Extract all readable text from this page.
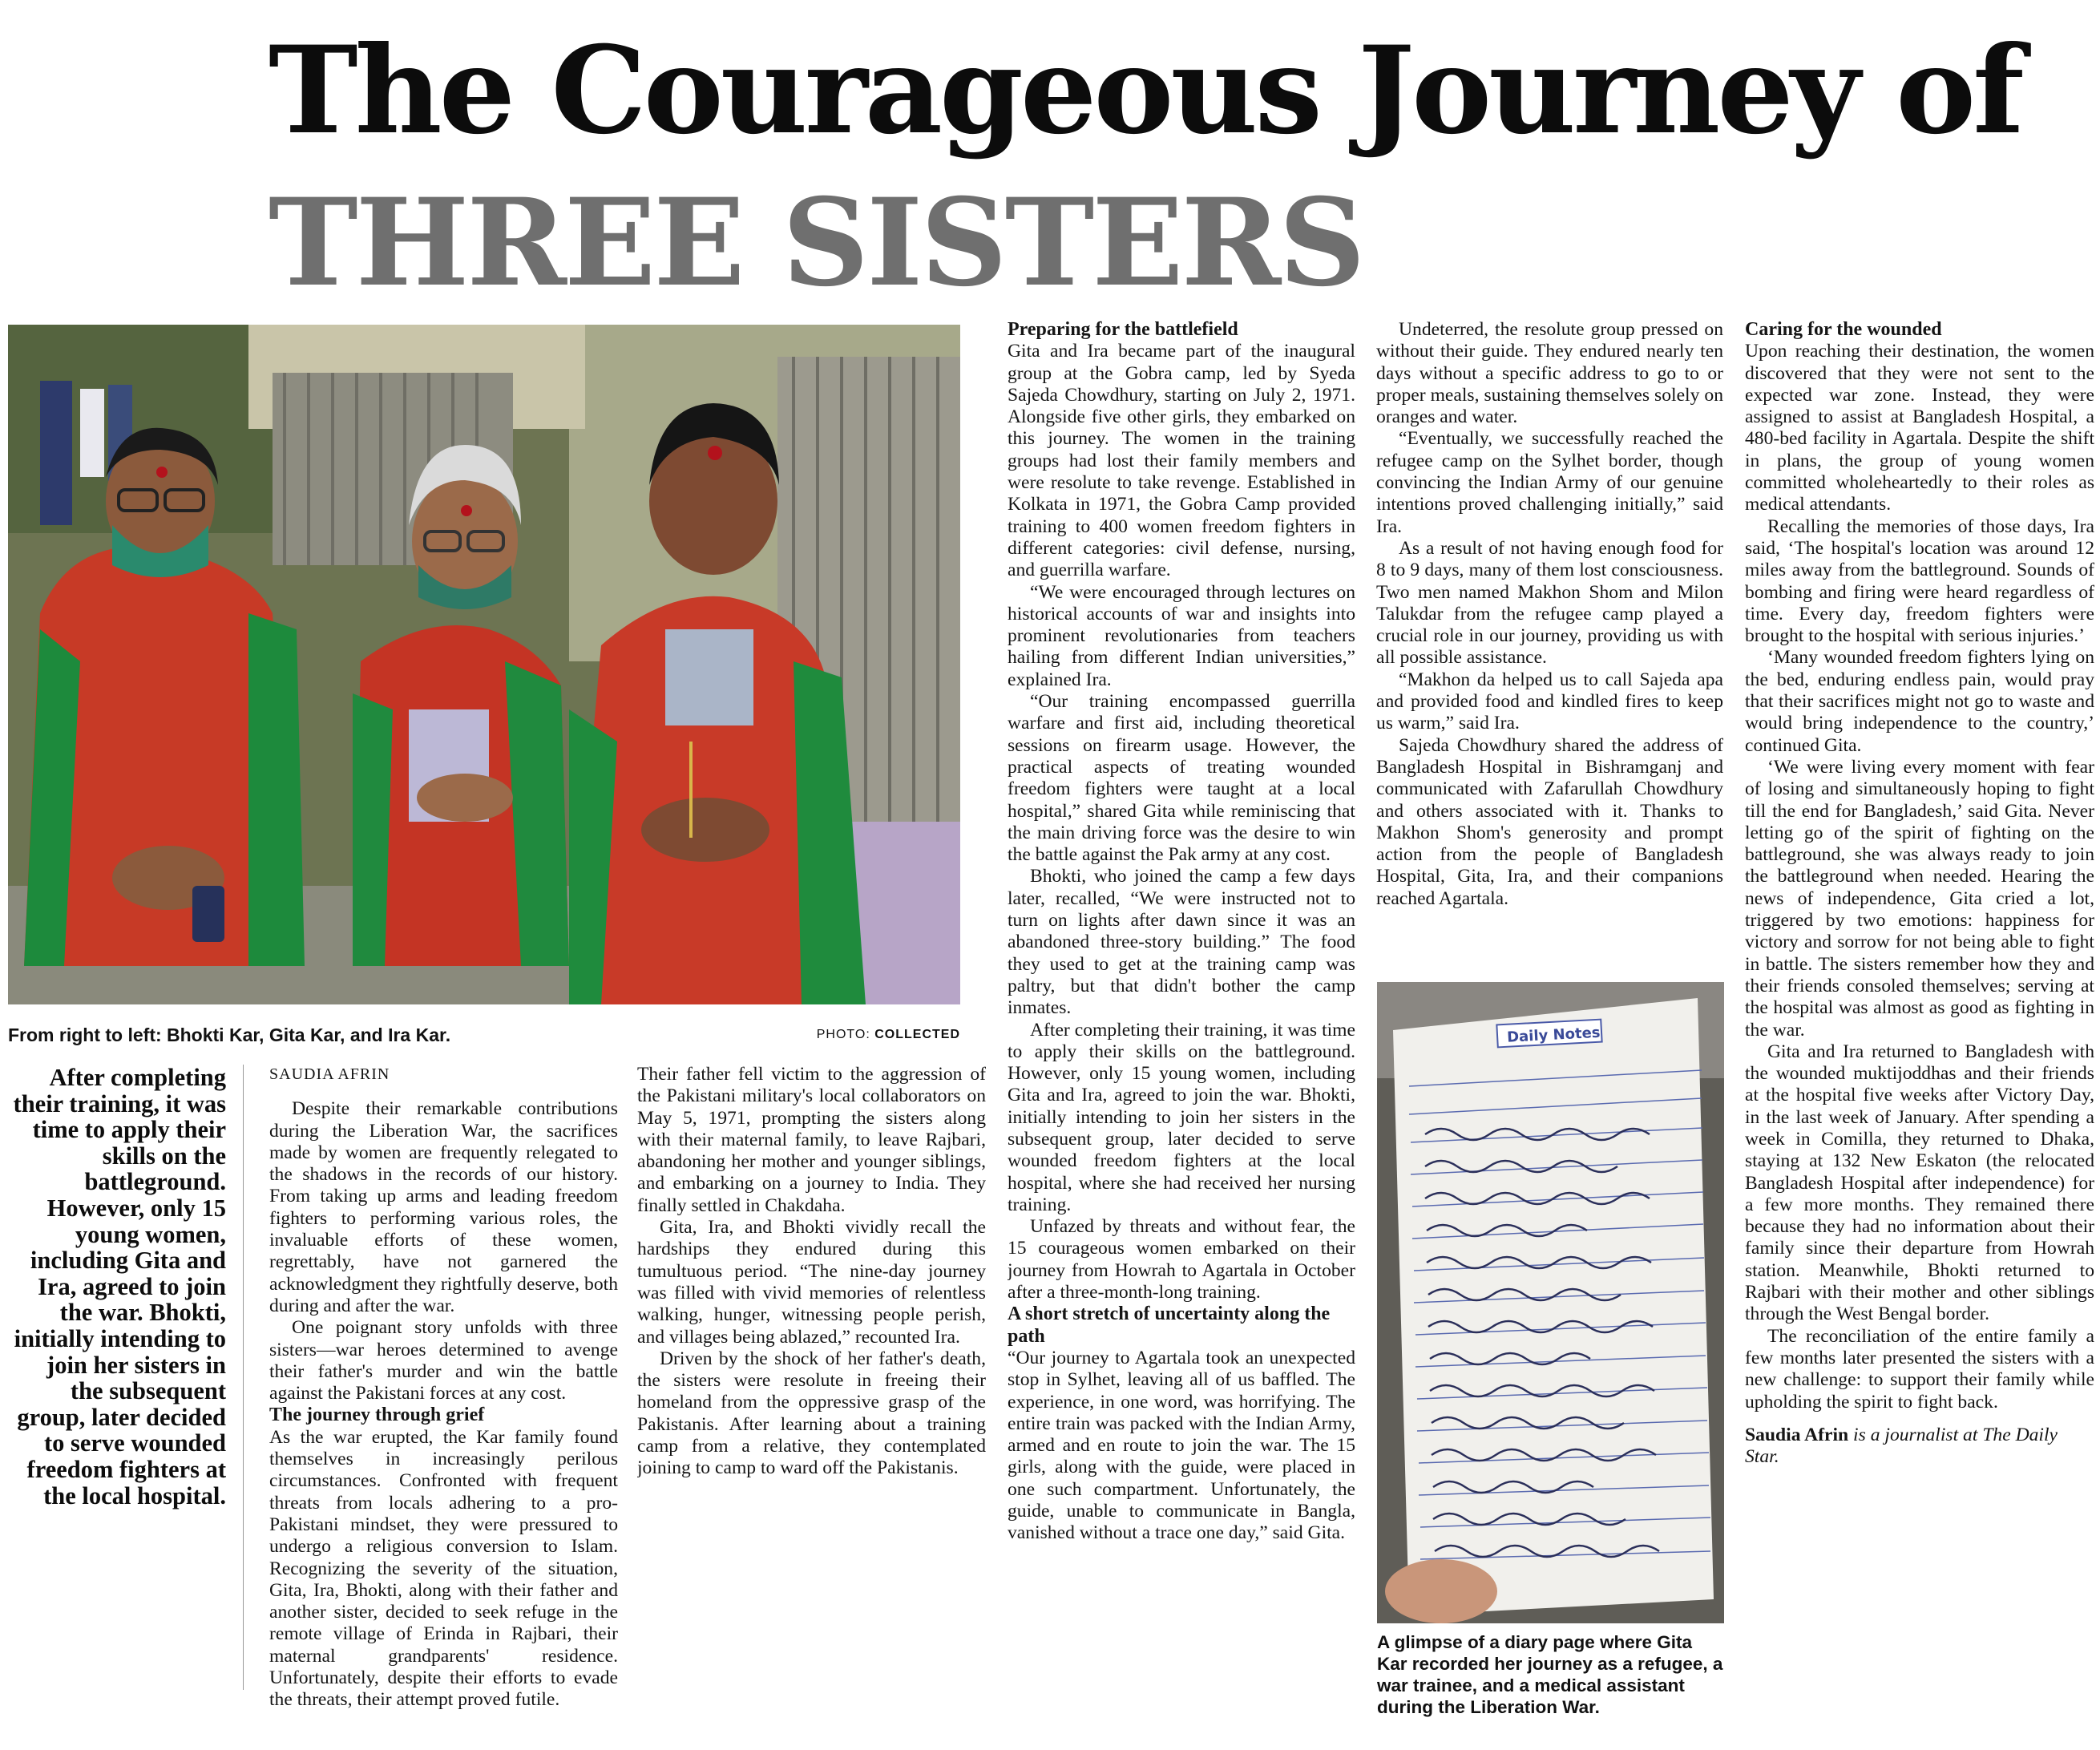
The Courageous Journey of
THREE SISTERS
From right to left: Bhokti Kar, Gita Kar, and Ira Kar.	PHOTO: COLLECTED
After completing their training, it was time to apply their skills on the battleground. However, only 15 young women, including Gita and Ira, agreed to join the war. Bhokti, initially intending to join her sisters in the subsequent group, later decided to serve wounded freedom fighters at the local hospital.
SAUDIA AFRIN

Despite their remarkable contributions during the Liberation War, the sacrifices made by women are frequently relegated to the shadows in the records of our history. From taking up arms and leading freedom fighters to performing various roles, the invaluable efforts of these women, regrettably, have not garnered the acknowledgment they rightfully deserve, both during and after the war.

One poignant story unfolds with three sisters—war heroes determined to avenge their father's murder and win the battle against the Pakistani forces at any cost.

The journey through grief

As the war erupted, the Kar family found themselves in increasingly perilous circumstances. Confronted with frequent threats from locals adhering to a pro-Pakistani mindset, they were pressured to undergo a religious conversion to Islam. Recognizing the severity of the situation, Gita, Ira, Bhokti, along with their father and another sister, decided to seek refuge in the remote village of Erinda in Rajbari, their maternal grandparents' residence. Unfortunately, despite their efforts to evade the threats, their attempt proved futile.

Their father fell victim to the aggression of the Pakistani military's local collaborators on May 5, 1971, prompting the sisters along with their maternal family, to leave Rajbari, abandoning her mother and younger siblings, and embarking on a journey to India. They finally settled in Chakdaha.

Gita, Ira, and Bhokti vividly recall the hardships they endured during this tumultuous period. “The nine-day journey was filled with vivid memories of relentless walking, hunger, witnessing people perish, and villages being ablazed,” recounted Ira.

Driven by the shock of her father's death, the sisters were resolute in freeing their homeland from the oppressive grasp of the Pakistanis. After learning about a training camp from a relative, they contemplated joining to camp to ward off the Pakistanis.

Preparing for the battlefield

Gita and Ira became part of the inaugural group at the Gobra camp, led by Syeda Sajeda Chowdhury, starting on July 2, 1971. Alongside five other girls, they embarked on this journey. The women in the training groups had lost their family members and were resolute to take revenge. Established in Kolkata in 1971, the Gobra Camp provided training to 400 women freedom fighters in different categories: civil defense, nursing, and guerrilla warfare.

“We were encouraged through lectures on historical accounts of war and insights into prominent revolutionaries from teachers hailing from different Indian universities,” explained Ira.

“Our training encompassed guerrilla warfare and first aid, including theoretical sessions on firearm usage. However, the practical aspects of treating wounded freedom fighters were taught at a local hospital,” shared Gita while reminiscing that the main driving force was the desire to win the battle against the Pak army at any cost.

Bhokti, who joined the camp a few days later, recalled, “We were instructed not to turn on lights after dawn since it was an abandoned three-story building.” The food they used to get at the training camp was paltry, but that didn't bother the camp inmates.

After completing their training, it was time to apply their skills on the battleground. However, only 15 young women, including Gita and Ira, agreed to join the war. Bhokti, initially intending to join her sisters in the subsequent group, later decided to serve wounded freedom fighters at the local hospital, where she had received her nursing training.

Unfazed by threats and without fear, the 15 courageous women embarked on their journey from Howrah to Agartala in October after a three-month-long training.

A short stretch of uncertainty along the path

“Our journey to Agartala took an unexpected stop in Sylhet, leaving all of us baffled. The experience, in one word, was horrifying. The entire train was packed with the Indian Army, armed and en route to join the war. The 15 girls, along with the guide, were placed in one such compartment. Unfortunately, the guide, unable to communicate in Bangla, vanished without a trace one day,” said Gita.

Undeterred, the resolute group pressed on without their guide. They endured nearly ten days without a specific address to go to or proper meals, sustaining themselves solely on oranges and water.

“Eventually, we successfully reached the refugee camp on the Sylhet border, though convincing the Indian Army of our genuine intentions proved challenging initially,” said Ira.

As a result of not having enough food for 8 to 9 days, many of them lost consciousness. Two men named Makhon Shom and Milon Talukdar from the refugee camp played a crucial role in our journey, providing us with all possible assistance.

“Makhon da helped us to call Sajeda apa and provided food and kindled fires to keep us warm,” said Ira.

Sajeda Chowdhury shared the address of Bangladesh Hospital in Bishramganj and communicated with Zafarullah Chowdhury and others associated with it. Thanks to Makhon Shom's generosity and prompt action from the people of Bangladesh Hospital, Gita, Ira, and their companions reached Agartala.

Daily Notes
A glimpse of a diary page where Gita Kar recorded her journey as a refugee, a war trainee, and a medical assistant during the Liberation War.
Caring for the wounded

Upon reaching their destination, the women discovered that they were not sent to the expected war zone. Instead, they were assigned to assist at Bangladesh Hospital, a 480-bed facility in Agartala. Despite the shift in plans, the group of young women committed wholeheartedly to their roles as medical attendants.

Recalling the memories of those days, Ira said, ‘The hospital's location was around 12 miles away from the battleground. Sounds of bombing and firing were heard regardless of time. Every day, freedom fighters were brought to the hospital with serious injuries.’

‘Many wounded freedom fighters lying on the bed, enduring endless pain, would pray that their sacrifices might not go to waste and would bring independence to the country,’ continued Gita.

‘We were living every moment with fear of losing and simultaneously hoping to fight till the end for Bangladesh,’ said Gita. Never letting go of the spirit of fighting on the battleground, she was always ready to join the battleground when needed. Hearing the news of independence, Gita cried a lot, triggered by two emotions: happiness for victory and sorrow for not being able to fight in battle. The sisters remember how they and their friends consoled themselves; serving at the hospital was almost as good as fighting in the war.

Gita and Ira returned to Bangladesh with the wounded muktijoddhas and their friends at the hospital five weeks after Victory Day, in the last week of January. After spending a week in Comilla, they returned to Dhaka, staying at 132 New Eskaton (the relocated Bangladesh Hospital after independence) for a few more months. They remained there because they had no information about their family since their departure from Howrah station. Meanwhile, Bhokti returned to Rajbari with their mother and other siblings through the West Bengal border.

The reconciliation of the entire family a few months later presented the sisters with a new challenge: to support their family while upholding the spirit to fight back.

Saudia Afrin is a journalist at The Daily Star.
